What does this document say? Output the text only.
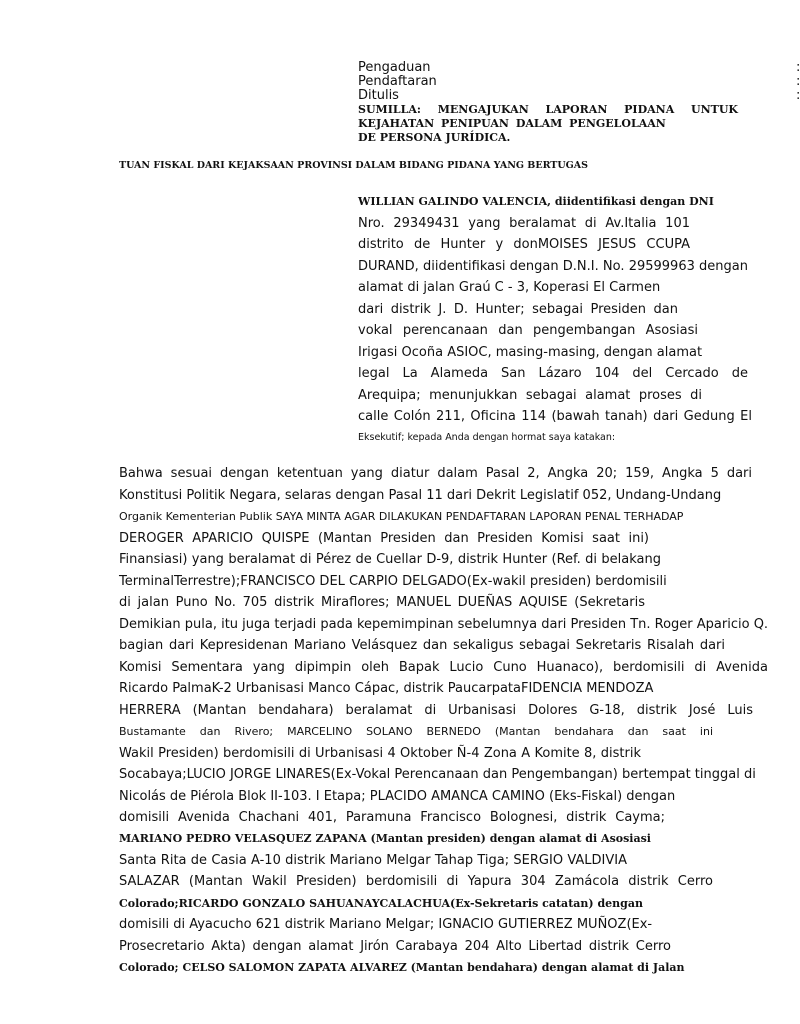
Pengaduan	:
Pendaftaran	:
Ditulis	:
SUMILLA: MENGAJUKAN LAPORAN PIDANA UNTUK
KEJAHATAN PENIPUAN DALAM PENGELOLAAN
DE PERSONA JURÍDICA.
TUAN FISKAL DARI KEJAKSAAN PROVINSI DALAM BIDANG PIDANA YANG BERTUGAS
WILLIAN GALINDO VALENCIA, diidentifikasi dengan DNI
Nro. 29349431 yang beralamat di Av.Italia 101
distrito de Hunter y donMOISES JESUS CCUPA
DURAND, diidentifikasi dengan D.N.I. No. 29599963 dengan
alamat di jalan Graú C - 3, Koperasi El Carmen
dari distrik J. D. Hunter; sebagai Presiden dan
vokal perencanaan dan pengembangan Asosiasi
Irigasi Ocoña ASIOC, masing-masing, dengan alamat
legal La Alameda San Lázaro 104 del Cercado de
Arequipa; menunjukkan sebagai alamat proses di
calle Colón 211, Oficina 114 (bawah tanah) dari Gedung El
Eksekutif; kepada Anda dengan hormat saya katakan:
Bahwa sesuai dengan ketentuan yang diatur dalam Pasal 2, Angka 20; 159, Angka 5 dari
Konstitusi Politik Negara, selaras dengan Pasal 11 dari Dekrit Legislatif 052, Undang-Undang
Organik Kementerian Publik SAYA MINTA AGAR DILAKUKAN PENDAFTARAN LAPORAN PENAL TERHADAP
DEROGER APARICIO QUISPE (Mantan Presiden dan Presiden Komisi saat ini)
Finansiasi) yang beralamat di Pérez de Cuellar D-9, distrik Hunter (Ref. di belakang
TerminalTerrestre);FRANCISCO DEL CARPIO DELGADO(Ex-wakil presiden) berdomisili
di jalan Puno No. 705 distrik Miraflores; MANUEL DUEÑAS AQUISE (Sekretaris
Demikian pula, itu juga terjadi pada kepemimpinan sebelumnya dari Presiden Tn. Roger Aparicio Q.
bagian dari Kepresidenan Mariano Velásquez dan sekaligus sebagai Sekretaris Risalah dari
Komisi Sementara yang dipimpin oleh Bapak Lucio Cuno Huanaco), berdomisili di Avenida
Ricardo PalmaK-2 Urbanisasi Manco Cápac, distrik PaucarpataFIDENCIA MENDOZA
HERRERA (Mantan bendahara) beralamat di Urbanisasi Dolores G-18, distrik José Luis
Bustamante dan Rivero; MARCELINO SOLANO BERNEDO (Mantan bendahara dan saat ini
Wakil Presiden) berdomisili di Urbanisasi 4 Oktober Ñ-4 Zona A Komite 8, distrik
Socabaya;LUCIO JORGE LINARES(Ex-Vokal Perencanaan dan Pengembangan) bertempat tinggal di
Nicolás de Piérola Blok II-103. I Etapa; PLACIDO AMANCA CAMINO (Eks-Fiskal) dengan
domisili Avenida Chachani 401, Paramuna Francisco Bolognesi, distrik Cayma;
MARIANO PEDRO VELASQUEZ ZAPANA (Mantan presiden) dengan alamat di Asosiasi
Santa Rita de Casia A-10 distrik Mariano Melgar Tahap Tiga; SERGIO VALDIVIA
SALAZAR (Mantan Wakil Presiden) berdomisili di Yapura 304 Zamácola distrik Cerro
Colorado;RICARDO GONZALO SAHUANAYCALACHUA(Ex-Sekretaris catatan) dengan
domisili di Ayacucho 621 distrik Mariano Melgar; IGNACIO GUTIERREZ MUÑOZ(Ex-
Prosecretario Akta) dengan alamat Jirón Carabaya 204 Alto Libertad distrik Cerro
Colorado; CELSO SALOMON ZAPATA ALVAREZ (Mantan bendahara) dengan alamat di Jalan
